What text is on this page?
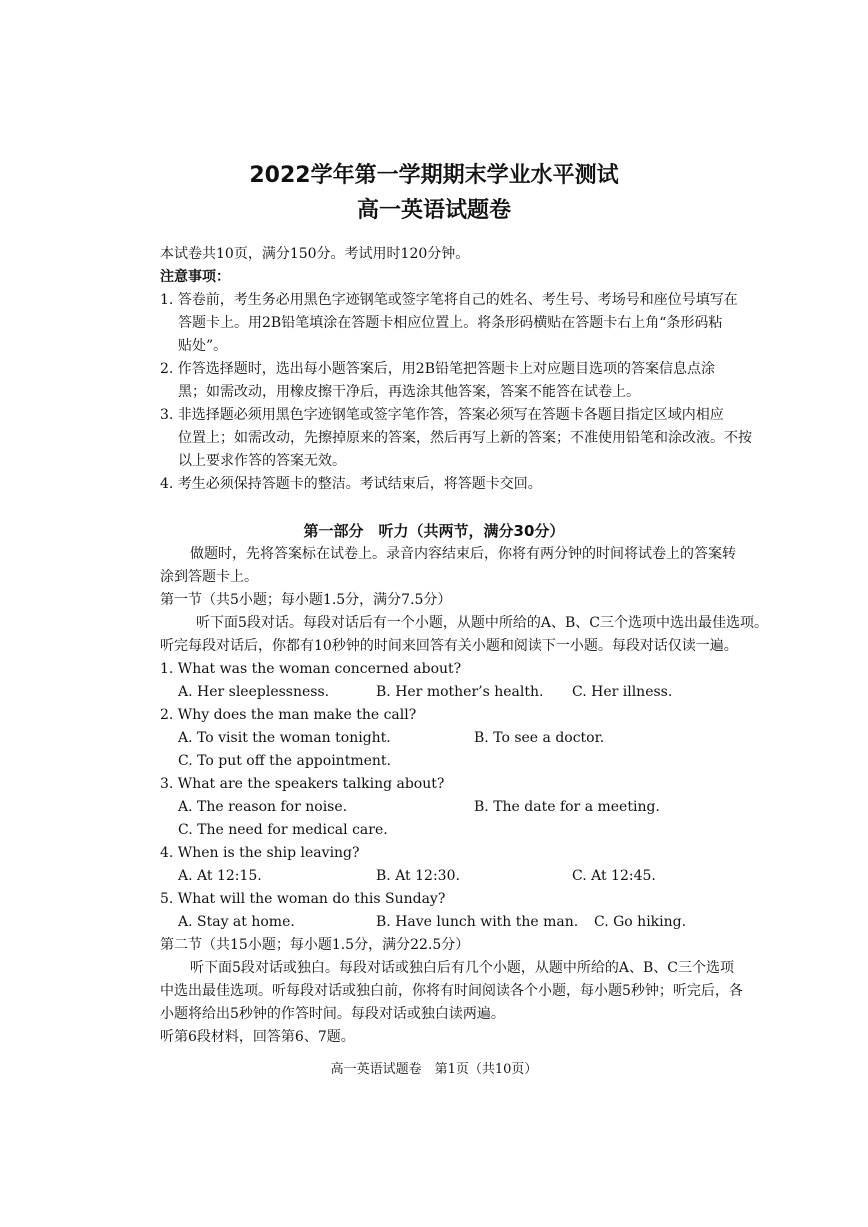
2022学年第一学期期末学业水平测试
高一英语试题卷
本试卷共10页，满分150分。考试用时120分钟。
注意事项：
1. 答卷前，考生务必用黑色字迹钢笔或签字笔将自己的姓名、考生号、考场号和座位号填写在
答题卡上。用2B铅笔填涂在答题卡相应位置上。将条形码横贴在答题卡右上角“条形码粘
贴处”。
2. 作答选择题时，选出每小题答案后，用2B铅笔把答题卡上对应题目选项的答案信息点涂
黑；如需改动，用橡皮擦干净后，再选涂其他答案，答案不能答在试卷上。
3. 非选择题必须用黑色字迹钢笔或签字笔作答，答案必须写在答题卡各题目指定区域内相应
位置上；如需改动，先擦掉原来的答案，然后再写上新的答案；不准使用铅笔和涂改液。不按
以上要求作答的答案无效。
4. 考生必须保持答题卡的整洁。考试结束后，将答题卡交回。
第一部分　听力（共两节，满分30分）
做题时，先将答案标在试卷上。录音内容结束后，你将有两分钟的时间将试卷上的答案转
涂到答题卡上。
第一节（共5小题；每小题1.5分，满分7.5分）
听下面5段对话。每段对话后有一个小题，从题中所给的A、B、C三个选项中选出最佳选项。
听完每段对话后，你都有10秒钟的时间来回答有关小题和阅读下一小题。每段对话仅读一遍。
1. What was the woman concerned about?
A. Her sleeplessness.	B. Her mother’s health. C. Her illness.
2. Why does the man make the call?
A. To visit the woman tonight.	B. To see a doctor.
C. To put off the appointment.
3. What are the speakers talking about?
A. The reason for noise.	B. The date for a meeting.
C. The need for medical care.
4. When is the ship leaving?
A. At 12:15.	B. At 12:30.	C. At 12:45.
5. What will the woman do this Sunday?
A. Stay at home.	B. Have lunch with the man. C. Go hiking.
第二节（共15小题；每小题1.5分，满分22.5分）
听下面5段对话或独白。每段对话或独白后有几个小题，从题中所给的A、B、C三个选项
中选出最佳选项。听每段对话或独白前，你将有时间阅读各个小题，每小题5秒钟；听完后，各
小题将给出5秒钟的作答时间。每段对话或独白读两遍。
听第6段材料，回答第6、7题。
高一英语试题卷　第1页（共10页）
